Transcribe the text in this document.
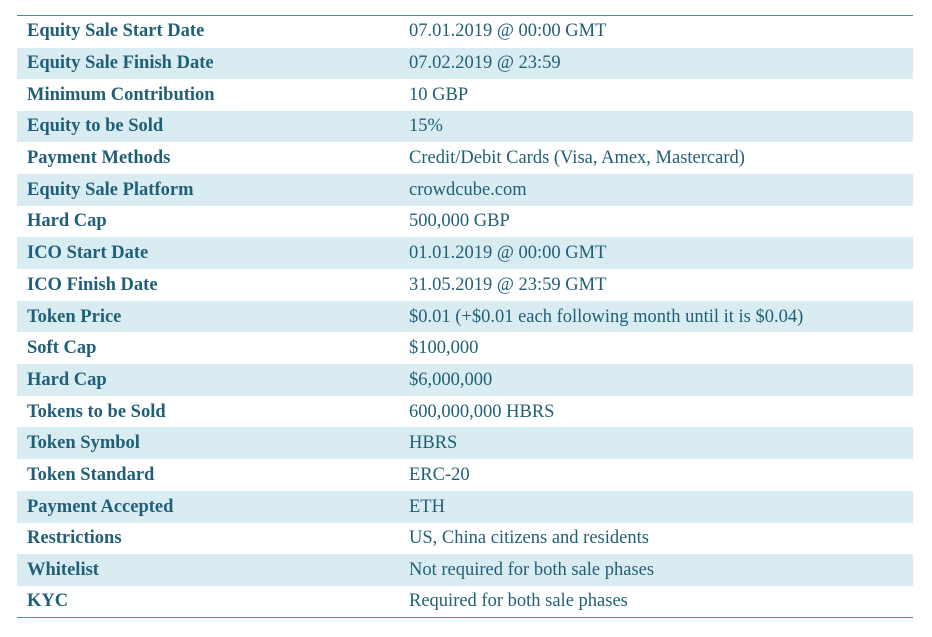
Equity Sale Start Date	07.01.2019 @ 00:00 GMT
Equity Sale Finish Date	07.02.2019 @ 23:59
Minimum Contribution	10 GBP
Equity to be Sold	15%
Payment Methods	Credit/Debit Cards (Visa, Amex, Mastercard)
Equity Sale Platform	crowdcube.com
Hard Cap	500,000 GBP
ICO Start Date	01.01.2019 @ 00:00 GMT
ICO Finish Date	31.05.2019 @ 23:59 GMT
Token Price	$0.01 (+$0.01 each following month until it is $0.04)
Soft Cap	$100,000
Hard Cap	$6,000,000
Tokens to be Sold	600,000,000 HBRS
Token Symbol	HBRS
Token Standard	ERC-20
Payment Accepted	ETH
Restrictions	US, China citizens and residents
Whitelist	Not required for both sale phases
KYC	Required for both sale phases
